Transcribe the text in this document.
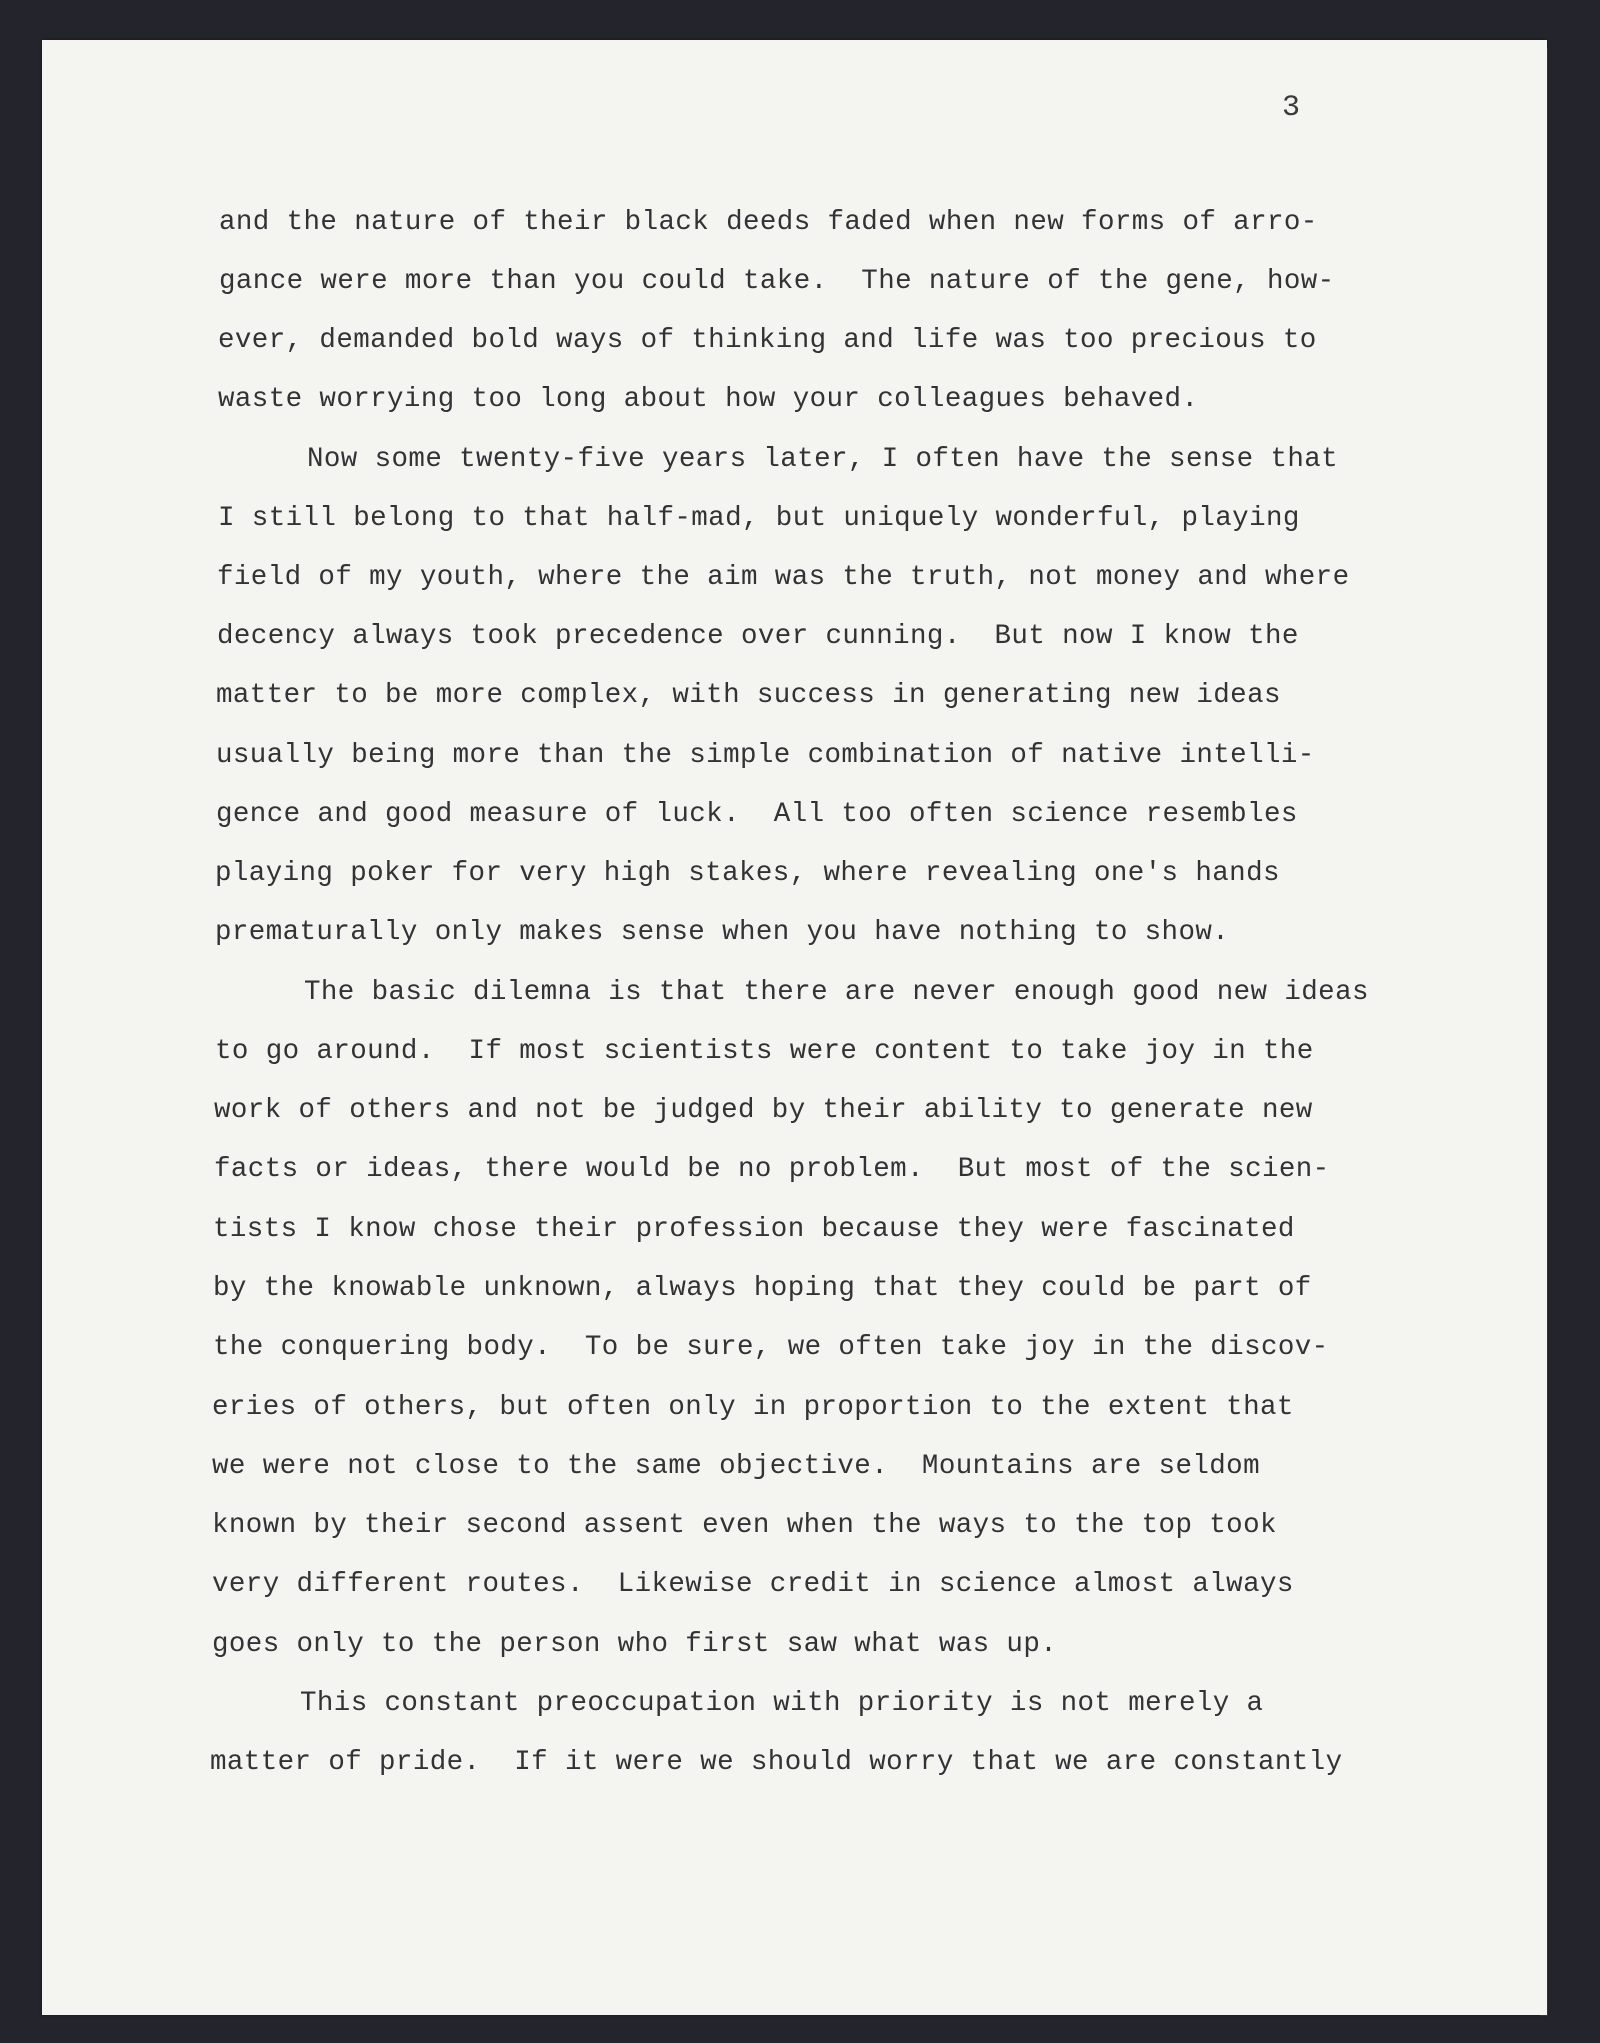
3
and the nature of their black deeds faded when new forms of arro-
gance were more than you could take.  The nature of the gene, how-
ever, demanded bold ways of thinking and life was too precious to
waste worrying too long about how your colleagues behaved.
Now some twenty-five years later, I often have the sense that
I still belong to that half-mad, but uniquely wonderful, playing
field of my youth, where the aim was the truth, not money and where
decency always took precedence over cunning.  But now I know the
matter to be more complex, with success in generating new ideas
usually being more than the simple combination of native intelli-
gence and good measure of luck.  All too often science resembles
playing poker for very high stakes, where revealing one's hands
prematurally only makes sense when you have nothing to show.
The basic dilemna is that there are never enough good new ideas
to go around.  If most scientists were content to take joy in the
work of others and not be judged by their ability to generate new
facts or ideas, there would be no problem.  But most of the scien-
tists I know chose their profession because they were fascinated
by the knowable unknown, always hoping that they could be part of
the conquering body.  To be sure, we often take joy in the discov-
eries of others, but often only in proportion to the extent that
we were not close to the same objective.  Mountains are seldom
known by their second assent even when the ways to the top took
very different routes.  Likewise credit in science almost always
goes only to the person who first saw what was up.
This constant preoccupation with priority is not merely a
matter of pride.  If it were we should worry that we are constantly
